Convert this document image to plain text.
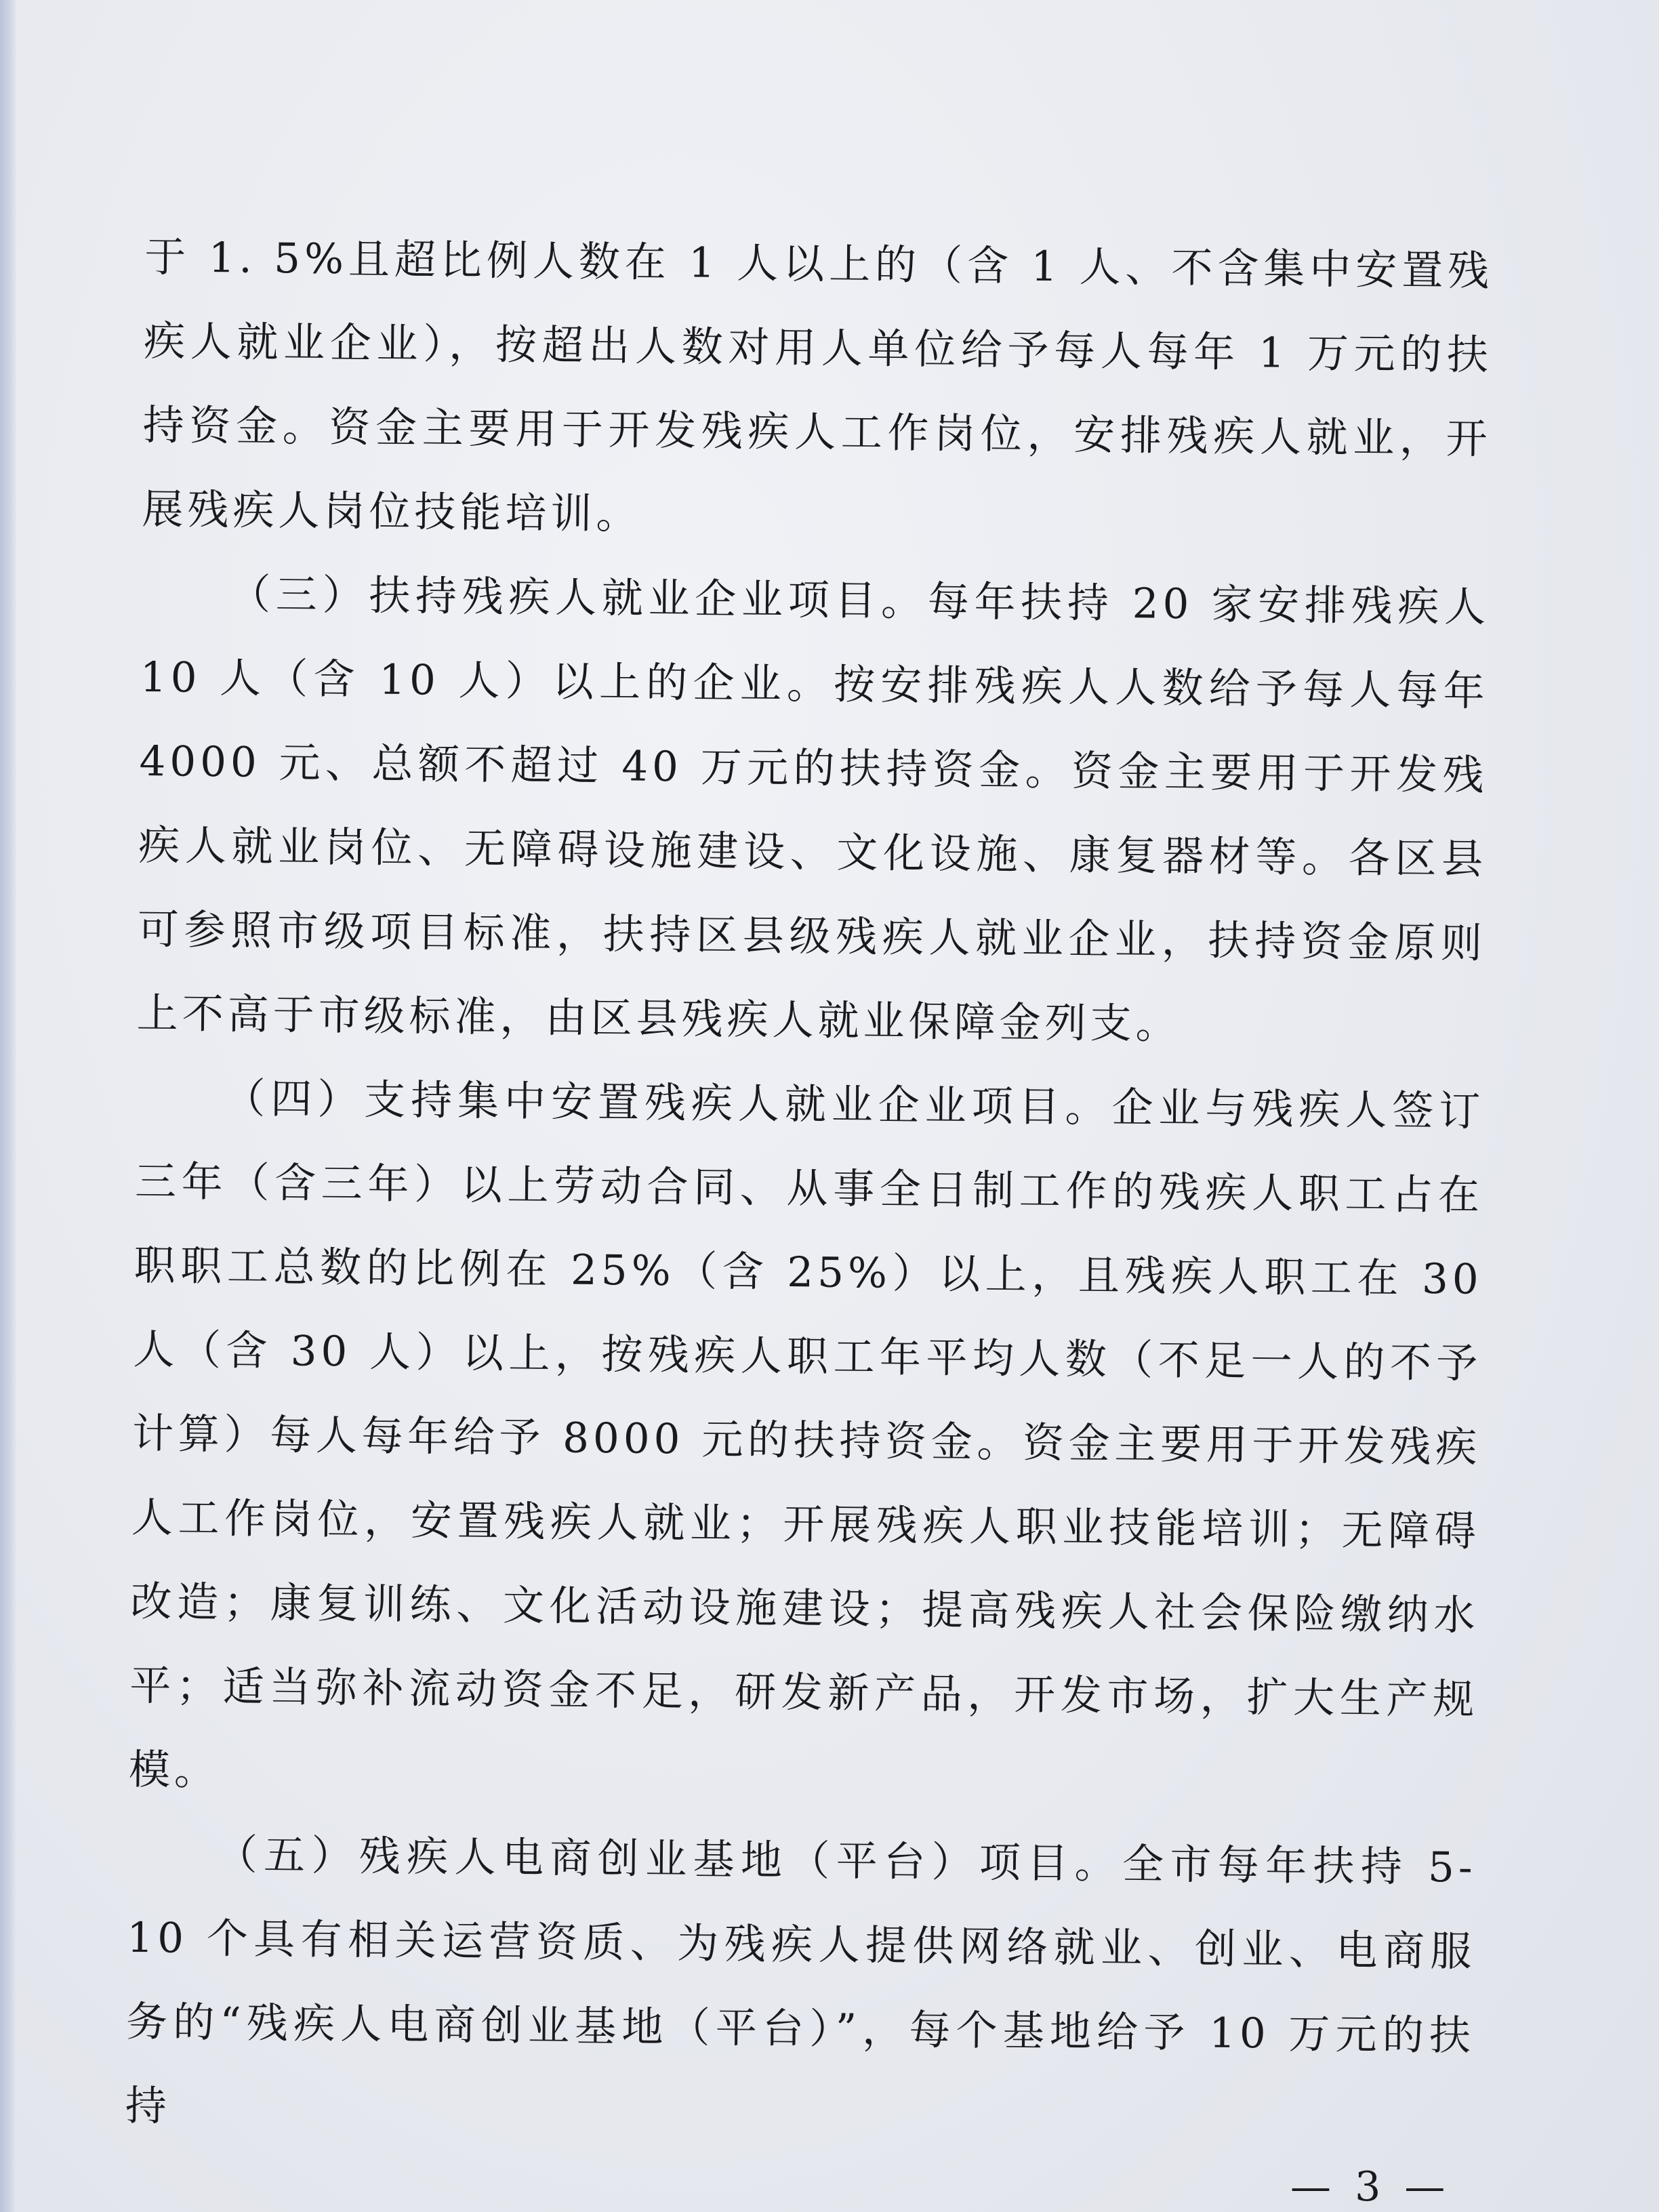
于 1. 5%且超比例人数在 1 人以上的（含 1 人、不含集中安置残疾人就业企业），按超出人数对用人单位给予每人每年 1 万元的扶持资金。资金主要用于开发残疾人工作岗位，安排残疾人就业，开展残疾人岗位技能培训。

（三）扶持残疾人就业企业项目。每年扶持 20 家安排残疾人 10 人（含 10 人）以上的企业。按安排残疾人人数给予每人每年 4000 元、总额不超过 40 万元的扶持资金。资金主要用于开发残疾人就业岗位、无障碍设施建设、文化设施、康复器材等。各区县可参照市级项目标准，扶持区县级残疾人就业企业，扶持资金原则上不高于市级标准，由区县残疾人就业保障金列支。

（四）支持集中安置残疾人就业企业项目。企业与残疾人签订三年（含三年）以上劳动合同、从事全日制工作的残疾人职工占在职职工总数的比例在 25%（含 25%）以上，且残疾人职工在 30 人（含 30 人）以上，按残疾人职工年平均人数（不足一人的不予计算）每人每年给予 8000 元的扶持资金。资金主要用于开发残疾人工作岗位，安置残疾人就业；开展残疾人职业技能培训；无障碍改造；康复训练、文化活动设施建设；提高残疾人社会保险缴纳水平；适当弥补流动资金不足，研发新产品，开发市场，扩大生产规模。

（五）残疾人电商创业基地（平台）项目。全市每年扶持 5-10 个具有相关运营资质、为残疾人提供网络就业、创业、电商服务的“残疾人电商创业基地（平台）”，每个基地给予 10 万元的扶持

— 3 —
